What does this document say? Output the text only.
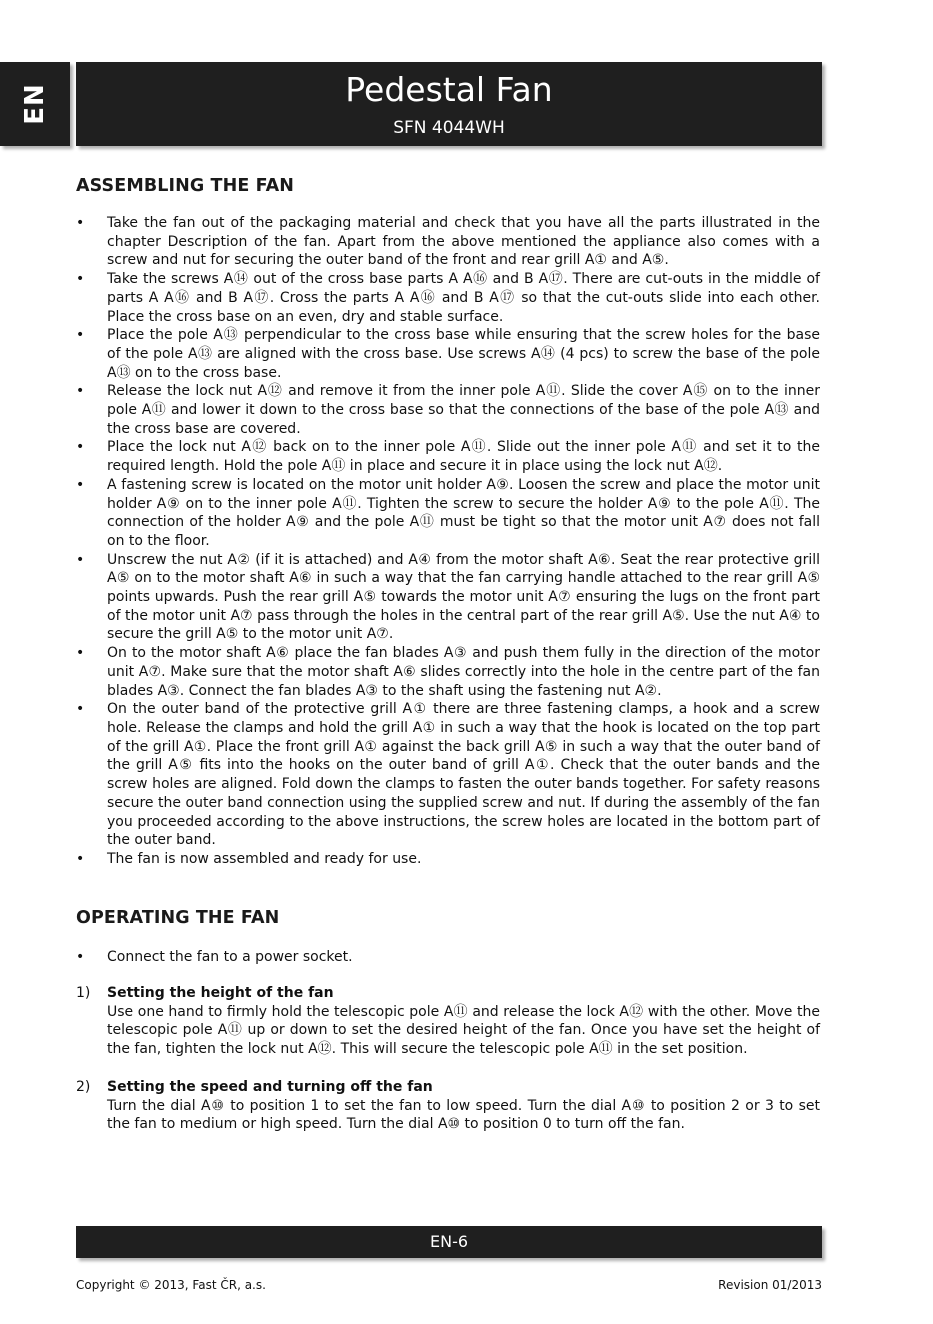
EN	Pedestal Fan
SFN 4044WH
ASSEMBLING THE FAN
• Take the fan out of the packaging material and check that you have all the parts illustrated in the chapter Description of the fan. Apart from the above mentioned the appliance also comes with a screw and nut for securing the outer band of the front and rear grill A① and A⑤.
• Take the screws A⑭ out of the cross base parts A A⑯ and B A⑰. There are cut-outs in the middle of parts A A⑯ and B A⑰. Cross the parts A A⑯ and B A⑰ so that the cut-outs slide into each other. Place the cross base on an even, dry and stable surface.
• Place the pole A⑬ perpendicular to the cross base while ensuring that the screw holes for the base of the pole A⑬ are aligned with the cross base. Use screws A⑭ (4 pcs) to screw the base of the pole A⑬ on to the cross base.
• Release the lock nut A⑫ and remove it from the inner pole A⑪. Slide the cover A⑮ on to the inner pole A⑪ and lower it down to the cross base so that the connections of the base of the pole A⑬ and the cross base are covered.
• Place the lock nut A⑫ back on to the inner pole A⑪. Slide out the inner pole A⑪ and set it to the required length. Hold the pole A⑪ in place and secure it in place using the lock nut A⑫.
• A fastening screw is located on the motor unit holder A⑨. Loosen the screw and place the motor unit holder A⑨ on to the inner pole A⑪. Tighten the screw to secure the holder A⑨ to the pole A⑪. The connection of the holder A⑨ and the pole A⑪ must be tight so that the motor unit A⑦ does not fall on to the floor.
• Unscrew the nut A② (if it is attached) and A④ from the motor shaft A⑥. Seat the rear protective grill A⑤ on to the motor shaft A⑥ in such a way that the fan carrying handle attached to the rear grill A⑤ points upwards. Push the rear grill A⑤ towards the motor unit A⑦ ensuring the lugs on the front part of the motor unit A⑦ pass through the holes in the central part of the rear grill A⑤. Use the nut A④ to secure the grill A⑤ to the motor unit A⑦.
• On to the motor shaft A⑥ place the fan blades A③ and push them fully in the direction of the motor unit A⑦. Make sure that the motor shaft A⑥ slides correctly into the hole in the centre part of the fan blades A③. Connect the fan blades A③ to the shaft using the fastening nut A②.
• On the outer band of the protective grill A① there are three fastening clamps, a hook and a screw hole. Release the clamps and hold the grill A① in such a way that the hook is located on the top part of the grill A①. Place the front grill A① against the back grill A⑤ in such a way that the outer band of the grill A⑤ fits into the hooks on the outer band of grill A①. Check that the outer bands and the screw holes are aligned. Fold down the clamps to fasten the outer bands together. For safety reasons secure the outer band connection using the supplied screw and nut. If during the assembly of the fan you proceeded according to the above instructions, the screw holes are located in the bottom part of the outer band.
• The fan is now assembled and ready for use.
OPERATING THE FAN
• Connect the fan to a power socket.
1) Setting the height of the fan
Use one hand to firmly hold the telescopic pole A⑪ and release the lock A⑫ with the other. Move the telescopic pole A⑪ up or down to set the desired height of the fan. Once you have set the height of the fan, tighten the lock nut A⑫. This will secure the telescopic pole A⑪ in the set position.
2) Setting the speed and turning off the fan
Turn the dial A⑩ to position 1 to set the fan to low speed. Turn the dial A⑩ to position 2 or 3 to set the fan to medium or high speed. Turn the dial A⑩ to position 0 to turn off the fan.
EN-6
Copyright © 2013, Fast ČR, a.s.	Revision 01/2013
